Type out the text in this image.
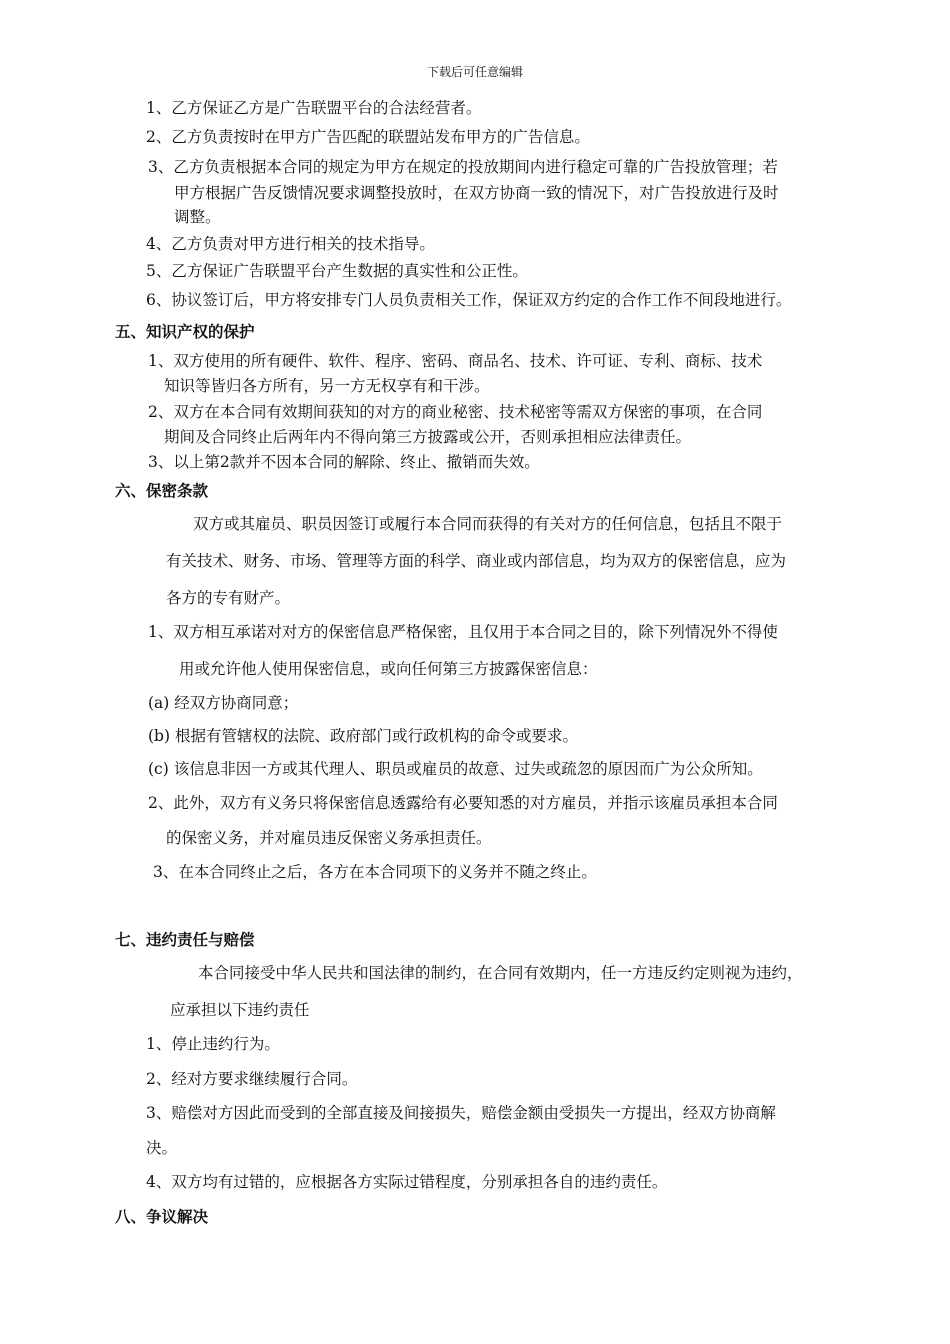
下载后可任意编辑
1、乙方保证乙方是广告联盟平台的合法经营者。
2、乙方负责按时在甲方广告匹配的联盟站发布甲方的广告信息。
3、乙方负责根据本合同的规定为甲方在规定的投放期间内进行稳定可靠的广告投放管理；若
甲方根据广告反馈情况要求调整投放时，在双方协商一致的情况下，对广告投放进行及时
调整。
4、乙方负责对甲方进行相关的技术指导。
5、乙方保证广告联盟平台产生数据的真实性和公正性。
6、协议签订后，甲方将安排专门人员负责相关工作，保证双方约定的合作工作不间段地进行。
五、知识产权的保护
1、双方使用的所有硬件、软件、程序、密码、商品名、技术、许可证、专利、商标、技术
知识等皆归各方所有，另一方无权享有和干涉。
2、双方在本合同有效期间获知的对方的商业秘密、技术秘密等需双方保密的事项，在合同
期间及合同终止后两年内不得向第三方披露或公开，否则承担相应法律责任。
3、以上第2款并不因本合同的解除、终止、撤销而失效。
六、保密条款
双方或其雇员、职员因签订或履行本合同而获得的有关对方的任何信息，包括且不限于
有关技术、财务、市场、管理等方面的科学、商业或内部信息，均为双方的保密信息，应为
各方的专有财产。
1、双方相互承诺对对方的保密信息严格保密，且仅用于本合同之目的，除下列情况外不得使
用或允许他人使用保密信息，或向任何第三方披露保密信息：
(a) 经双方协商同意；
(b) 根据有管辖权的法院、政府部门或行政机构的命令或要求。
(c) 该信息非因一方或其代理人、职员或雇员的故意、过失或疏忽的原因而广为公众所知。
2、此外，双方有义务只将保密信息透露给有必要知悉的对方雇员，并指示该雇员承担本合同
的保密义务，并对雇员违反保密义务承担责任。
3、在本合同终止之后，各方在本合同项下的义务并不随之终止。
七、违约责任与赔偿
本合同接受中华人民共和国法律的制约，在合同有效期内，任一方违反约定则视为违约，
应承担以下违约责任
1、停止违约行为。
2、经对方要求继续履行合同。
3、赔偿对方因此而受到的全部直接及间接损失，赔偿金额由受损失一方提出，经双方协商解
决。
4、双方均有过错的，应根据各方实际过错程度，分别承担各自的违约责任。
八、争议解决
